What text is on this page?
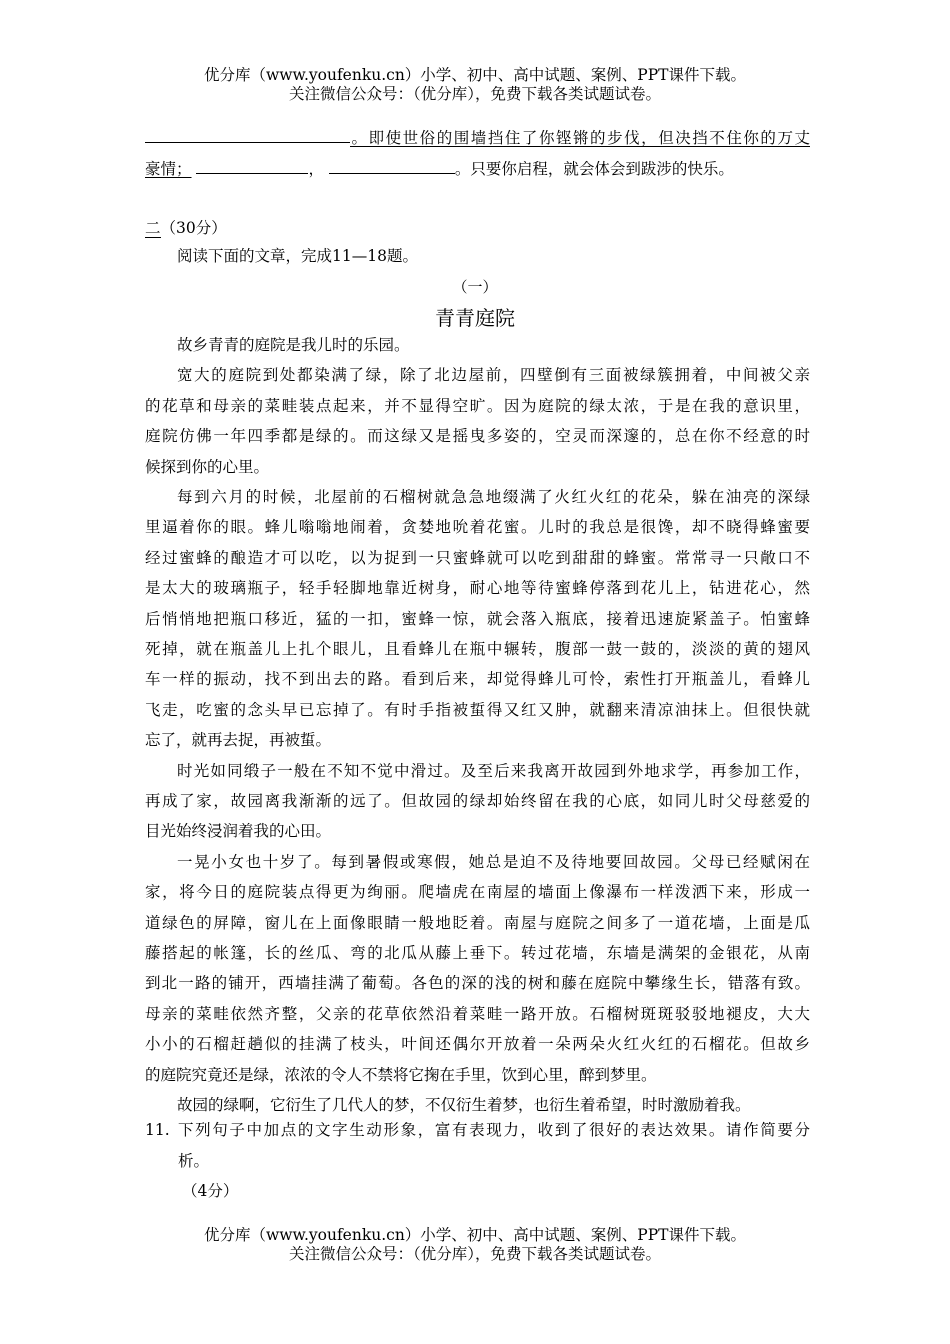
优分库（www.youfenku.cn）小学、初中、高中试题、案例、PPT课件下载。
关注微信公众号：（优分库），免费下载各类试题试卷。
。即使世俗的围墙挡住了你铿锵的步伐，但决挡不住你的万丈
豪情；	，	。只要你启程，就会体会到跋涉的快乐。
二（30分）
阅读下面的文章，完成11—18题。
（一）
青青庭院
故乡青青的庭院是我儿时的乐园。
宽大的庭院到处都染满了绿，除了北边屋前，四壁倒有三面被绿簇拥着，中间被父亲
的花草和母亲的菜畦装点起来，并不显得空旷。因为庭院的绿太浓，于是在我的意识里，
庭院仿佛一年四季都是绿的。而这绿又是摇曳多姿的，空灵而深邃的，总在你不经意的时
候探到你的心里。
每到六月的时候，北屋前的石榴树就急急地缀满了火红火红的花朵，躲在油亮的深绿
里逼着你的眼。蜂儿嗡嗡地闹着，贪婪地吮着花蜜。儿时的我总是很馋，却不晓得蜂蜜要
经过蜜蜂的酿造才可以吃，以为捉到一只蜜蜂就可以吃到甜甜的蜂蜜。常常寻一只敞口不
是太大的玻璃瓶子，轻手轻脚地靠近树身，耐心地等待蜜蜂停落到花儿上，钻进花心，然
后悄悄地把瓶口移近，猛的一扣，蜜蜂一惊，就会落入瓶底，接着迅速旋紧盖子。怕蜜蜂
死掉，就在瓶盖儿上扎个眼儿，且看蜂儿在瓶中辗转，腹部一鼓一鼓的，淡淡的黄的翅风
车一样的振动，找不到出去的路。看到后来，却觉得蜂儿可怜，索性打开瓶盖儿，看蜂儿
飞走，吃蜜的念头早已忘掉了。有时手指被蜇得又红又肿，就翻来清凉油抹上。但很快就
忘了，就再去捉，再被蜇。
时光如同缎子一般在不知不觉中滑过。及至后来我离开故园到外地求学，再参加工作，
再成了家，故园离我渐渐的远了。但故园的绿却始终留在我的心底，如同儿时父母慈爱的
目光始终浸润着我的心田。
一晃小女也十岁了。每到暑假或寒假，她总是迫不及待地要回故园。父母已经赋闲在
家，将今日的庭院装点得更为绚丽。爬墙虎在南屋的墙面上像瀑布一样泼洒下来，形成一
道绿色的屏障，窗儿在上面像眼睛一般地眨着。南屋与庭院之间多了一道花墙，上面是瓜
藤搭起的帐篷，长的丝瓜、弯的北瓜从藤上垂下。转过花墙，东墙是满架的金银花，从南
到北一路的铺开，西墙挂满了葡萄。各色的深的浅的树和藤在庭院中攀缘生长，错落有致。
母亲的菜畦依然齐整，父亲的花草依然沿着菜畦一路开放。石榴树斑斑驳驳地褪皮，大大
小小的石榴赶趟似的挂满了枝头，叶间还偶尔开放着一朵两朵火红火红的石榴花。但故乡
的庭院究竟还是绿，浓浓的令人不禁将它掬在手里，饮到心里，醉到梦里。
故园的绿啊，它衍生了几代人的梦，不仅衍生着梦，也衍生着希望，时时激励着我。
11. 下列句子中加点的文字生动形象，富有表现力，收到了很好的表达效果。请作简要分
析。
（4分）
优分库（www.youfenku.cn）小学、初中、高中试题、案例、PPT课件下载。
关注微信公众号：（优分库），免费下载各类试题试卷。
